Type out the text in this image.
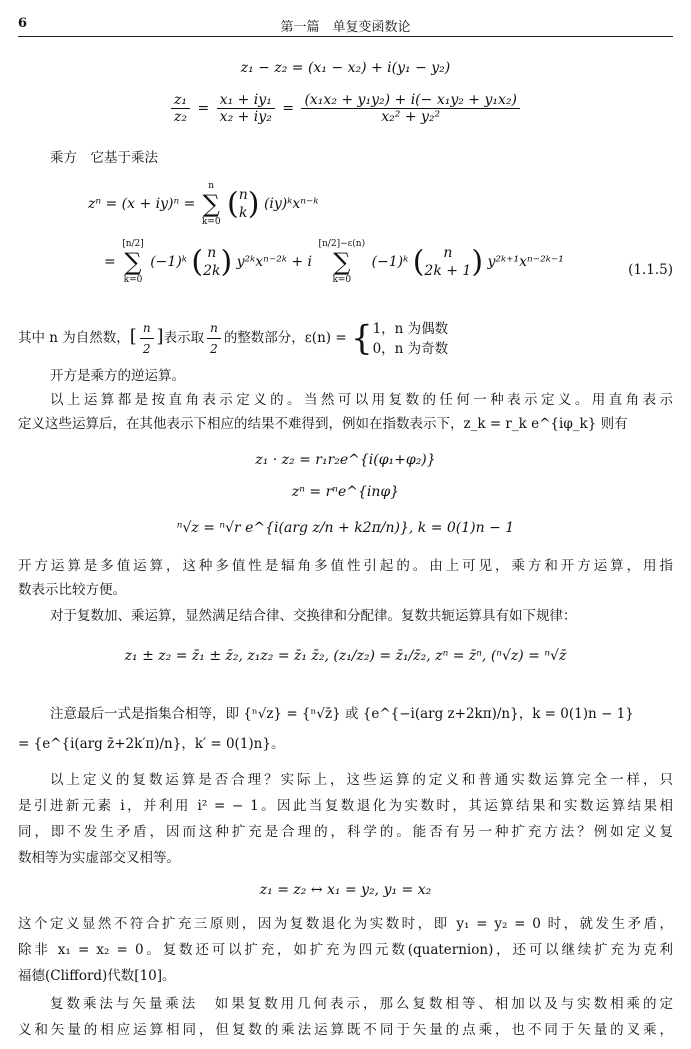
6	第一篇　单复变函数论
z₁ − z₂ = (x₁ − x₂) + i(y₁ − y₂)
$\frac{\text{z₁}}{\text{z₂}} = \frac{\text{x₁ + iy₁}}{\text{x₂ + iy₂}} = \frac{\text{(x₁x₂ + y₁y₂) + i(− x₁y₂ + y₁x₂)}}{\text{x₂² + y₂²}}$
乘方　它基于乘法
zⁿ = (x + iy)ⁿ =
n
∑
k=0
(n
k) (iy)ᵏxⁿ⁻ᵏ
=
[n/2]
∑
k=0
(−1)ᵏ ( n
2k) y²ᵏxⁿ⁻²ᵏ + i
[n/2]−ε(n)
∑
k=0
(−1)ᵏ ( n
2k + 1) y²ᵏ⁺¹xⁿ⁻²ᵏ⁻¹	(1.1.5)
其中 n 为自然数，[ $\frac{n}{2}$ ]表示取 $\frac{n}{2}$ 的整数部分，ε(n) = {1，n 为偶数
0，n 为奇数
开方是乘方的逆运算。
以上运算都是按直角表示定义的。当然可以用复数的任何一种表示定义。用直角表示
定义这些运算后，在其他表示下相应的结果不难得到，例如在指数表示下，z_k = r_k e^{iφ_k} 则有
z₁ · z₂ = r₁r₂e^{i(φ₁+φ₂)}
zⁿ = rⁿe^{inφ}
ⁿ√z = ⁿ√r e^{i(arg z/n + k2π/n)}, k = 0(1)n − 1
开方运算是多值运算，这种多值性是辐角多值性引起的。由上可见，乘方和开方运算，用指
数表示比较方便。
对于复数加、乘运算，显然满足结合律、交换律和分配律。复数共轭运算具有如下规律：
z₁ ± z₂ = z̄₁ ± z̄₂, z₁z₂ = z̄₁ z̄₂, (z₁/z₂) = z̄₁/z̄₂, zⁿ = z̄ⁿ, (ⁿ√z) = ⁿ√z̄
注意最后一式是指集合相等，即 {ⁿ√z} = {ⁿ√z̄} 或 {e^{−i(arg z+2kπ)/n}，k = 0(1)n − 1}
= {e^{i(arg z̄+2k′π)/n}，k′ = 0(1)n}。
以上定义的复数运算是否合理？实际上，这些运算的定义和普通实数运算完全一样，只
是引进新元素 i，并利用 i² = − 1。因此当复数退化为实数时，其运算结果和实数运算结果相
同，即不发生矛盾，因而这种扩充是合理的，科学的。能否有另一种扩充方法？例如定义复
数相等为实虚部交叉相等。
z₁ = z₂ ↔ x₁ = y₂, y₁ = x₂
这个定义显然不符合扩充三原则，因为复数退化为实数时，即 y₁ = y₂ = 0 时，就发生矛盾，
除非 x₁ = x₂ = 0。复数还可以扩充，如扩充为四元数(quaternion)，还可以继续扩充为克利
福德(Clifford)代数[10]。
复数乘法与矢量乘法　如果复数用几何表示，那么复数相等、相加以及与实数相乘的定
义和矢量的相应运算相同，但复数的乘法运算既不同于矢量的点乘，也不同于矢量的叉乘，
